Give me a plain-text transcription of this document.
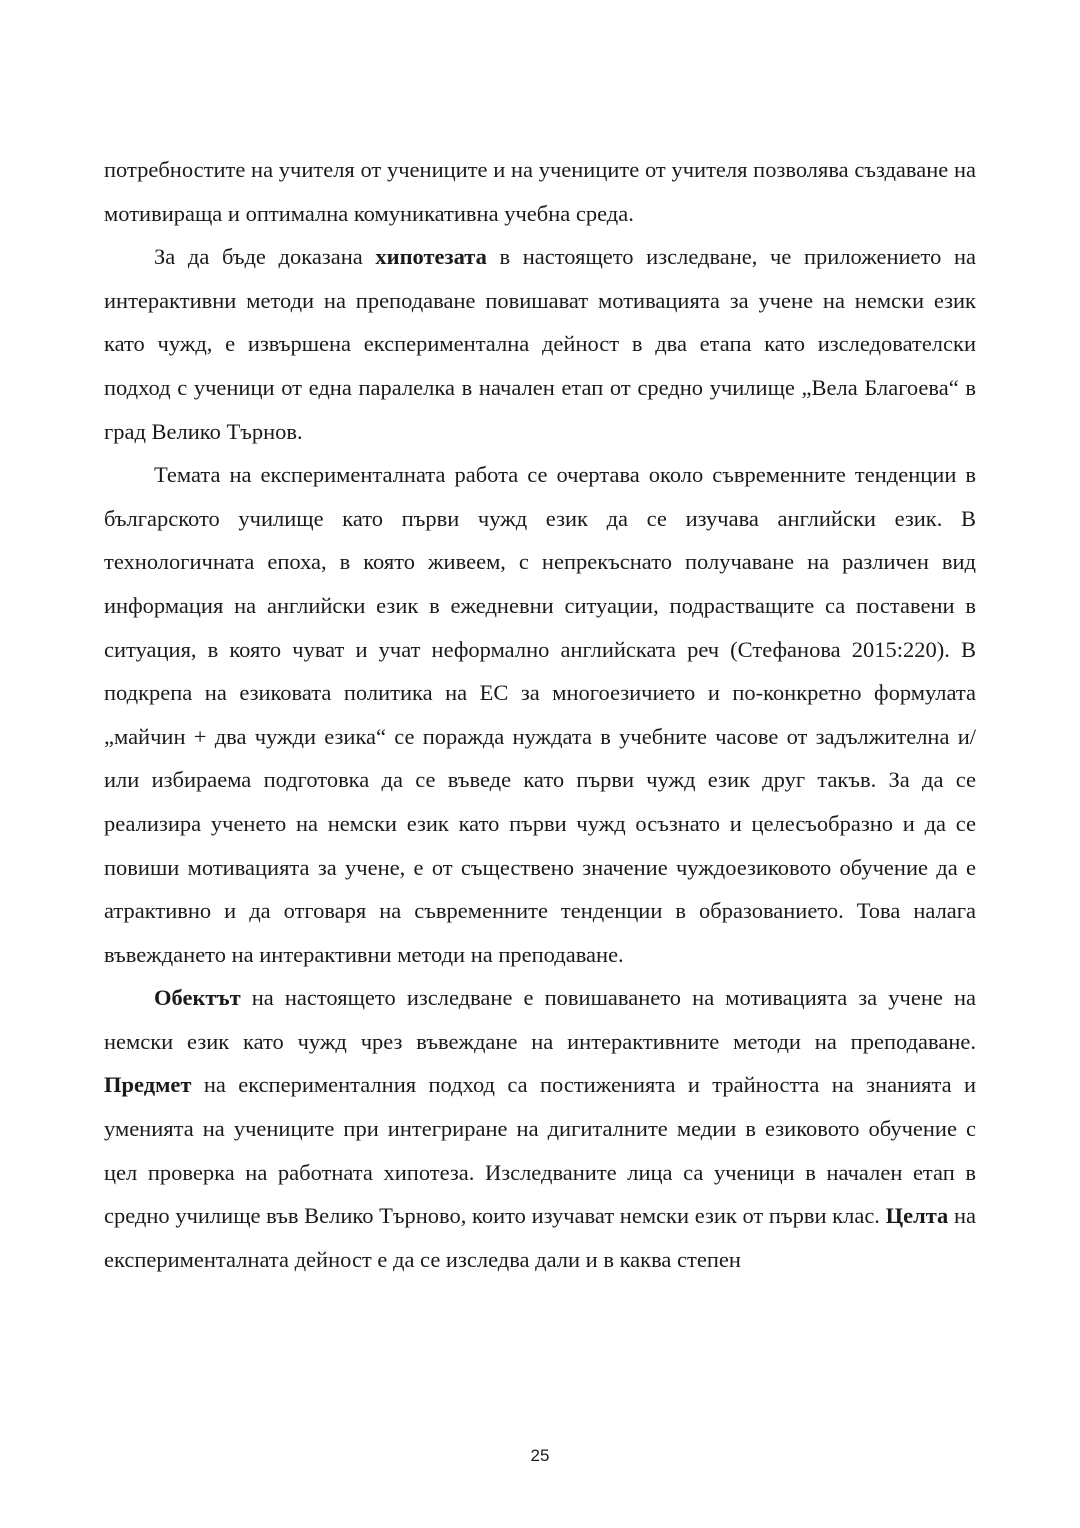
потребностите на учителя от учениците и на учениците от учителя позволява създаване на мотивираща и оптимална комуникативна учебна среда.

За да бъде доказана хипотезата в настоящето изследване, че приложението на интерактивни методи на преподаване повишават мотивацията за учене на немски език като чужд, е извършена експериментална дейност в два етапа като изследователски подход с ученици от една паралелка в начален етап от средно училище „Вела Благоева“ в град Велико Търнов.

Темата на експерименталната работа се очертава около съвременните тенденции в българското училище като първи чужд език да се изучава английски език. В технологичната епоха, в която живеем, с непрекъснато получаване на различен вид информация на английски език в ежедневни ситуации, подрастващите са поставени в ситуация, в която чуват и учат неформално английската реч (Стефанова 2015:220). В подкрепа на езиковата политика на ЕС за многоезичието и по-конкретно формулата „майчин + два чужди езика“ се поражда нуждата в учебните часове от задължителна и/или избираема подготовка да се въведе като първи чужд език друг такъв. За да се реализира ученето на немски език като първи чужд осъзнато и целесъобразно и да се повиши мотивацията за учене, е от съществено значение чуждоезиковото обучение да е атрактивно и да отговаря на съвременните тенденции в образованието. Това налага въвеждането на интерактивни методи на преподаване.

Обектът на настоящето изследване е повишаването на мотивацията за учене на немски език като чужд чрез въвеждане на интерактивните методи на преподаване. Предмет на експерименталния подход са постиженията и трайността на знанията и уменията на учениците при интегриране на дигиталните медии в езиковото обучение с цел проверка на работната хипотеза. Изследваните лица са ученици в начален етап в средно училище във Велико Търново, които изучават немски език от първи клас. Целта на експерименталната дейност е да се изследва дали и в каква степен

25
